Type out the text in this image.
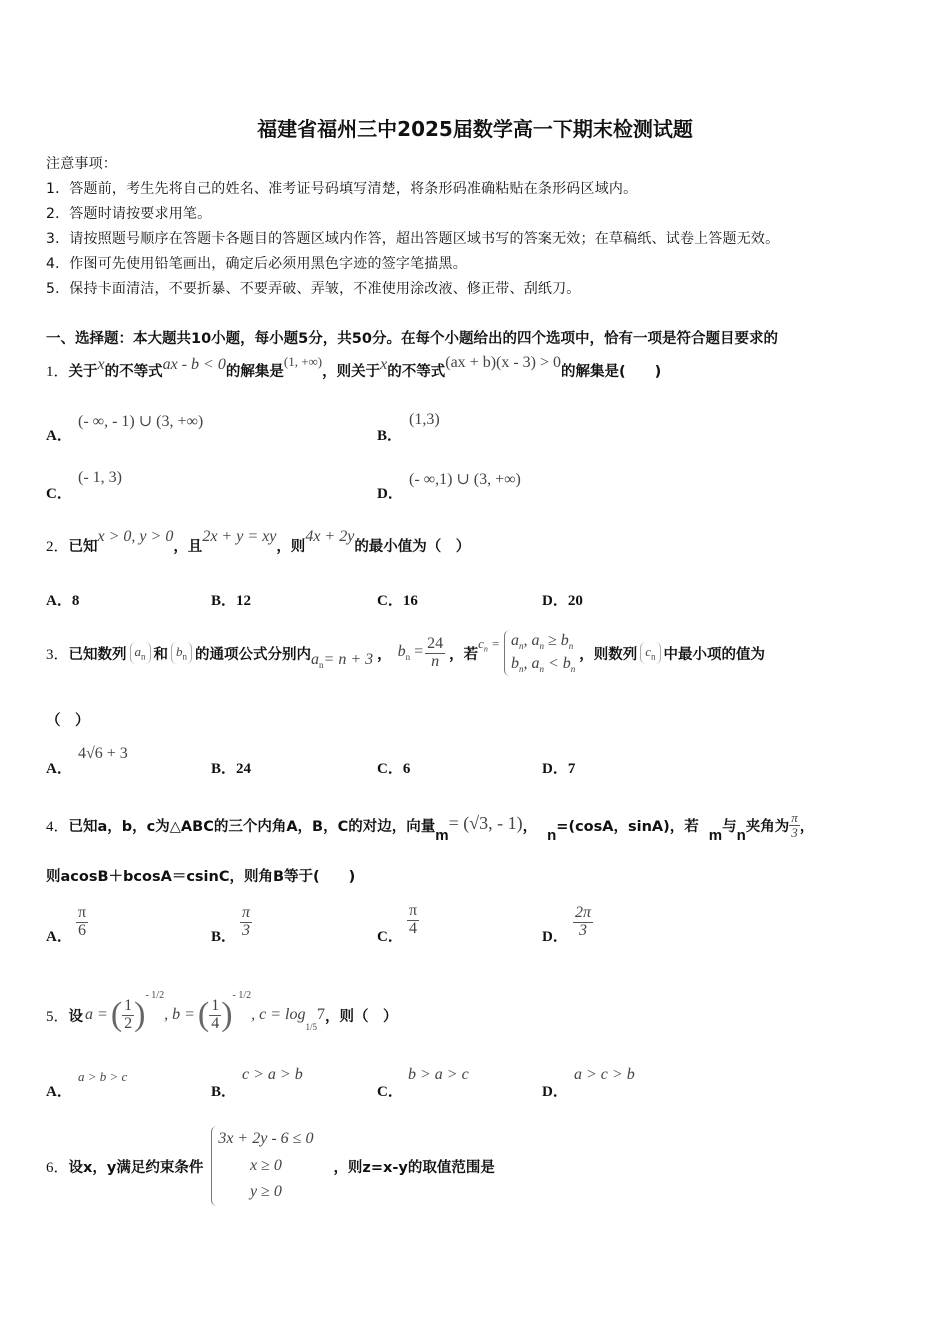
福建省福州三中2025届数学高一下期末检测试题
注意事项：
1．答题前，考生先将自己的姓名、准考证号码填写清楚，将条形码准确粘贴在条形码区域内。
2．答题时请按要求用笔。
3．请按照题号顺序在答题卡各题目的答题区域内作答，超出答题区域书写的答案无效；在草稿纸、试卷上答题无效。
4．作图可先使用铅笔画出，确定后必须用黑色字迹的签字笔描黑。
5．保持卡面清洁，不要折暴、不要弄破、弄皱，不准使用涂改液、修正带、刮纸刀。
一、选择题：本大题共10小题，每小题5分，共50分。在每个小题给出的四个选项中，恰有一项是符合题目要求的
1．关于x的不等式ax - b < 0的解集是(1, +∞)，则关于x的不等式(ax + b)(x - 3) > 0的解集是(　　)
A．
(- ∞, - 1) ∪ (3, +∞)
B．
(1,3)
C．
(- 1, 3)
D．
(- ∞,1) ∪ (3, +∞)
2．已知x > 0, y > 0，且2x + y = xy，则4x + 2y的最小值为（　）
A．8	B．12	C．16	D．20
3． 已知数列 $a_n$ 和 $b_n$ 的通项公式分别内 $a_n= n + 3$ ， $b_n = \frac{24}{n}$ ，若
$c_n = a_n$, $a_n \ge b_n$
$b_n$, $a_n < b_n$
，则数列 $c_n$ 中最小项的值为
（　）
A．
4√6 + 3
B．24	C．6	D．7
4． 已知a，b，c为△ABC的三个内角A，B，C的对边，向量 m
= (√3, - 1) ， n =(cosA，sinA)，若 m 与 n 夹角为 $\frac{\pi}{3}$ ，
则acosB＋bcosA＝csinC，则角B等于(　　)
A． $\frac{\pi}{6}$	B． $\frac{\pi}{3}$	C． $\frac{\pi}{4}$	D． $\frac{2\pi}{3}$
5． 设 a = ( $\frac{1}{2}$ )
- 1/2
, b = ( $\frac{1}{4}$ )
- 1/2
, c = log
1/5
7 ，则（　）
A．
a > b > c
B．
c > a > b
C．
b > a > c
D．
a > c > b
6． 设x，y满足约束条件
3x + 2y - 6 ≤ 0
x ≥ 0
y ≥ 0
，则z=x-y的取值范围是
